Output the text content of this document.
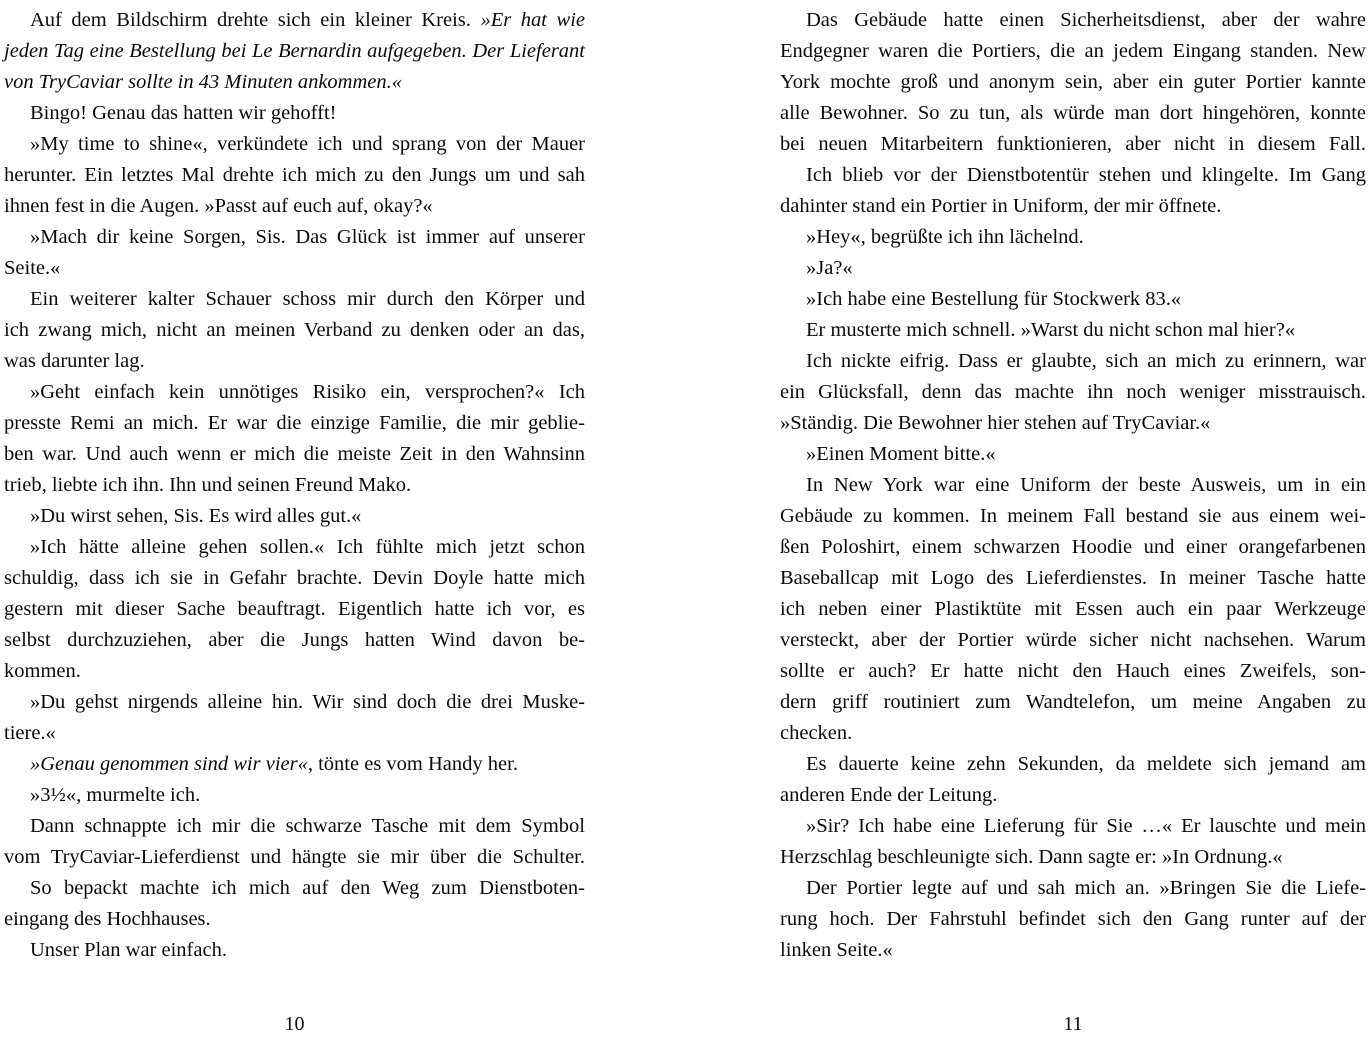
Auf dem Bildschirm drehte sich ein kleiner Kreis. »Er hat wie
jeden Tag eine Bestellung bei Le Bernardin aufgegeben. Der Lieferant
von TryCaviar sollte in 43 Minuten ankommen.«
Bingo! Genau das hatten wir gehofft!
»My time to shine«, verkündete ich und sprang von der Mauer
herunter. Ein letztes Mal drehte ich mich zu den Jungs um und sah
ihnen fest in die Augen. »Passt auf euch auf, okay?«
»Mach dir keine Sorgen, Sis. Das Glück ist immer auf unserer
Seite.«
Ein weiterer kalter Schauer schoss mir durch den Körper und
ich zwang mich, nicht an meinen Verband zu denken oder an das,
was darunter lag.
»Geht einfach kein unnötiges Risiko ein, versprochen?« Ich
presste Remi an mich. Er war die einzige Familie, die mir geblie-
ben war. Und auch wenn er mich die meiste Zeit in den Wahnsinn
trieb, liebte ich ihn. Ihn und seinen Freund Mako.
»Du wirst sehen, Sis. Es wird alles gut.«
»Ich hätte alleine gehen sollen.« Ich fühlte mich jetzt schon
schuldig, dass ich sie in Gefahr brachte. Devin Doyle hatte mich
gestern mit dieser Sache beauftragt. Eigentlich hatte ich vor, es
selbst durchzuziehen, aber die Jungs hatten Wind davon be-
kommen.
»Du gehst nirgends alleine hin. Wir sind doch die drei Muske-
tiere.«
»Genau genommen sind wir vier«, tönte es vom Handy her.
»3½«, murmelte ich.
Dann schnappte ich mir die schwarze Tasche mit dem Symbol
vom TryCaviar-Lieferdienst und hängte sie mir über die Schulter.
So bepackt machte ich mich auf den Weg zum Dienstboten-
eingang des Hochhauses.
Unser Plan war einfach.
10
Das Gebäude hatte einen Sicherheitsdienst, aber der wahre
Endgegner waren die Portiers, die an jedem Eingang standen. New
York mochte groß und anonym sein, aber ein guter Portier kannte
alle Bewohner. So zu tun, als würde man dort hingehören, konnte
bei neuen Mitarbeitern funktionieren, aber nicht in diesem Fall.
Ich blieb vor der Dienstbotentür stehen und klingelte. Im Gang
dahinter stand ein Portier in Uniform, der mir öffnete.
»Hey«, begrüßte ich ihn lächelnd.
»Ja?«
»Ich habe eine Bestellung für Stockwerk 83.«
Er musterte mich schnell. »Warst du nicht schon mal hier?«
Ich nickte eifrig. Dass er glaubte, sich an mich zu erinnern, war
ein Glücksfall, denn das machte ihn noch weniger misstrauisch.
»Ständig. Die Bewohner hier stehen auf TryCaviar.«
»Einen Moment bitte.«
In New York war eine Uniform der beste Ausweis, um in ein
Gebäude zu kommen. In meinem Fall bestand sie aus einem wei-
ßen Poloshirt, einem schwarzen Hoodie und einer orangefarbenen
Baseballcap mit Logo des Lieferdienstes. In meiner Tasche hatte
ich neben einer Plastiktüte mit Essen auch ein paar Werkzeuge
versteckt, aber der Portier würde sicher nicht nachsehen. Warum
sollte er auch? Er hatte nicht den Hauch eines Zweifels, son-
dern griff routiniert zum Wandtelefon, um meine Angaben zu
checken.
Es dauerte keine zehn Sekunden, da meldete sich jemand am
anderen Ende der Leitung.
»Sir? Ich habe eine Lieferung für Sie …« Er lauschte und mein
Herzschlag beschleunigte sich. Dann sagte er: »In Ordnung.«
Der Portier legte auf und sah mich an. »Bringen Sie die Liefe-
rung hoch. Der Fahrstuhl befindet sich den Gang runter auf der
linken Seite.«
11
